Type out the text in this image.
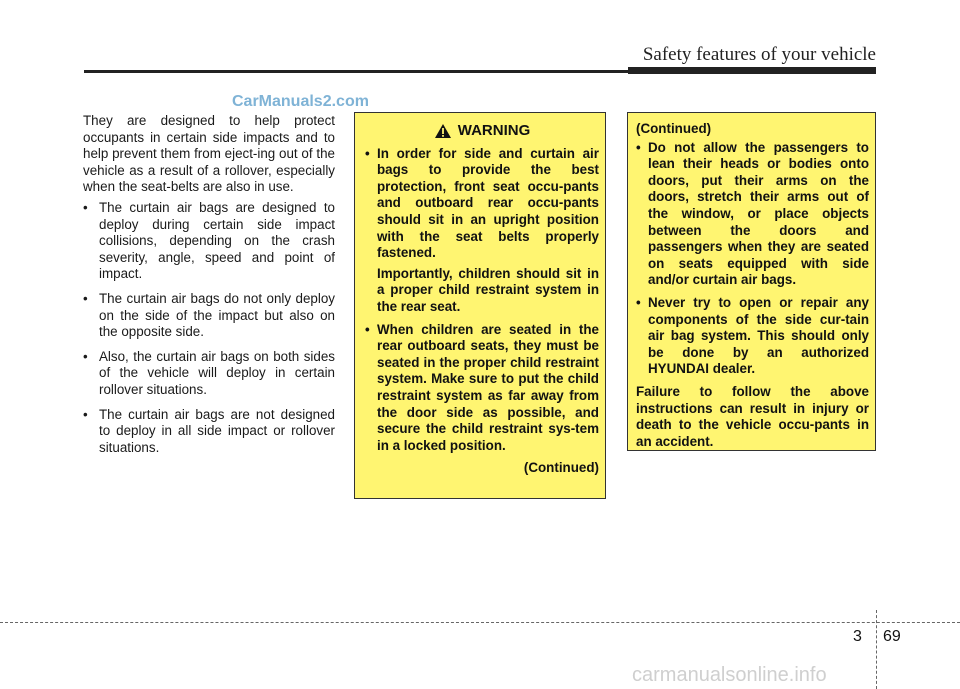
Safety features of your vehicle
CarManuals2.com

They are designed to help protect occupants in certain side impacts and to help prevent them from eject-ing out of the vehicle as a result of a rollover, especially when the seat-belts are also in use.

• The curtain air bags are designed to deploy during certain side impact collisions, depending on the crash severity, angle, speed and point of impact.
• The curtain air bags do not only deploy on the side of the impact but also on the opposite side.
• Also, the curtain air bags on both sides of the vehicle will deploy in certain rollover situations.
• The curtain air bags are not designed to deploy in all side impact or rollover situations.
WARNING
• In order for side and curtain air bags to provide the best protection, front seat occu-pants and outboard rear occu-pants should sit in an upright position with the seat belts properly fastened.

Importantly, children should sit in a proper child restraint system in the rear seat.

• When children are seated in the rear outboard seats, they must be seated in the proper child restraint system. Make sure to put the child restraint system as far away from the door side as possible, and secure the child restraint sys-tem in a locked position.

(Continued)

(Continued)

• Do not allow the passengers to lean their heads or bodies onto doors, put their arms on the doors, stretch their arms out of the window, or place objects between the doors and passengers when they are seated on seats equipped with side and/or curtain air bags.
• Never try to open or repair any components of the side cur-tain air bag system. This should only be done by an authorized HYUNDAI dealer.

Failure to follow the above instructions can result in injury or death to the vehicle occu-pants in an accident.

3 69
carmanualsonline.info
